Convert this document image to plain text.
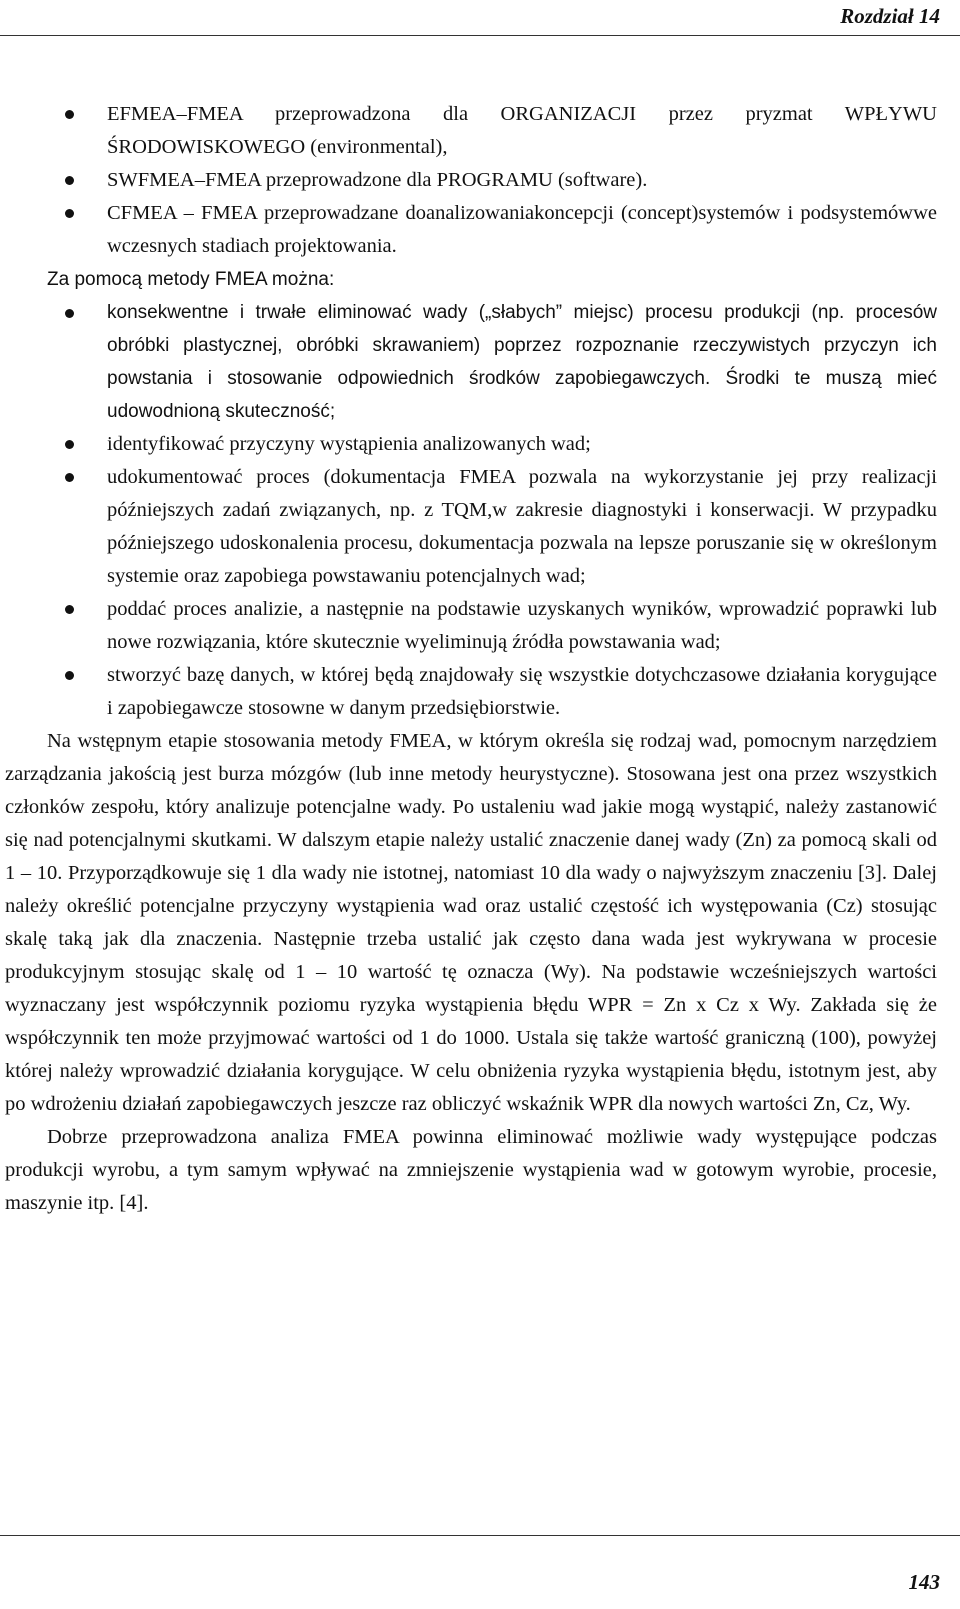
Rozdział 14
EFMEA–FMEA przeprowadzona dla ORGANIZACJI przez pryzmat WPŁYWU ŚRODOWISKOWEGO (environmental),
SWFMEA–FMEA przeprowadzone dla PROGRAMU (software).
CFMEA – FMEA przeprowadzane doanalizowaniakoncepcji (concept)systemów i podsystemówwe wczesnych stadiach projektowania.

Za pomocą metody FMEA można:

konsekwentne i trwałe eliminować wady („słabych” miejsc) procesu produkcji (np. procesów obróbki plastycznej, obróbki skrawaniem) poprzez rozpoznanie rzeczywistych przyczyn ich powstania i stosowanie odpowiednich środków zapobiegawczych. Środki te muszą mieć udowodnioną skuteczność;
identyfikować przyczyny wystąpienia analizowanych wad;
udokumentować proces (dokumentacja FMEA pozwala na wykorzystanie jej przy realizacji późniejszych zadań związanych, np. z TQM,w zakresie diagnostyki i konserwacji. W przypadku późniejszego udoskonalenia procesu, dokumentacja pozwala na lepsze poruszanie się w określonym systemie oraz zapobiega powstawaniu potencjalnych wad;
poddać proces analizie, a następnie na podstawie uzyskanych wyników, wprowadzić poprawki lub nowe rozwiązania, które skutecznie wyeliminują źródła powstawania wad;
stworzyć bazę danych, w której będą znajdowały się wszystkie dotychczasowe działania korygujące i zapobiegawcze stosowne w danym przedsiębiorstwie.

Na wstępnym etapie stosowania metody FMEA, w którym określa się rodzaj wad, pomocnym narzędziem zarządzania jakością jest burza mózgów (lub inne metody heurystyczne). Stosowana jest ona przez wszystkich członków zespołu, który analizuje potencjalne wady. Po ustaleniu wad jakie mogą wystąpić, należy zastanowić się nad potencjalnymi skutkami. W dalszym etapie należy ustalić znaczenie danej wady (Zn) za pomocą skali od 1 – 10. Przyporządkowuje się 1 dla wady nie istotnej, natomiast 10 dla wady o najwyższym znaczeniu [3]. Dalej należy określić potencjalne przyczyny wystąpienia wad oraz ustalić częstość ich występowania (Cz) stosując skalę taką jak dla znaczenia. Następnie trzeba ustalić jak często dana wada jest wykrywana w procesie produkcyjnym stosując skalę od 1 – 10 wartość tę oznacza (Wy). Na podstawie wcześniejszych wartości wyznaczany jest współczynnik poziomu ryzyka wystąpienia błędu WPR = Zn x Cz x Wy. Zakłada się że współczynnik ten może przyjmować wartości od 1 do 1000. Ustala się także wartość graniczną (100), powyżej której należy wprowadzić działania korygujące. W celu obniżenia ryzyka wystąpienia błędu, istotnym jest, aby po wdrożeniu działań zapobiegawczych jeszcze raz obliczyć wskaźnik WPR dla nowych wartości Zn, Cz, Wy.

Dobrze przeprowadzona analiza FMEA powinna eliminować możliwie wady występujące podczas produkcji wyrobu, a tym samym wpływać na zmniejszenie wystąpienia wad w gotowym wyrobie, procesie, maszynie itp. [4].

143
